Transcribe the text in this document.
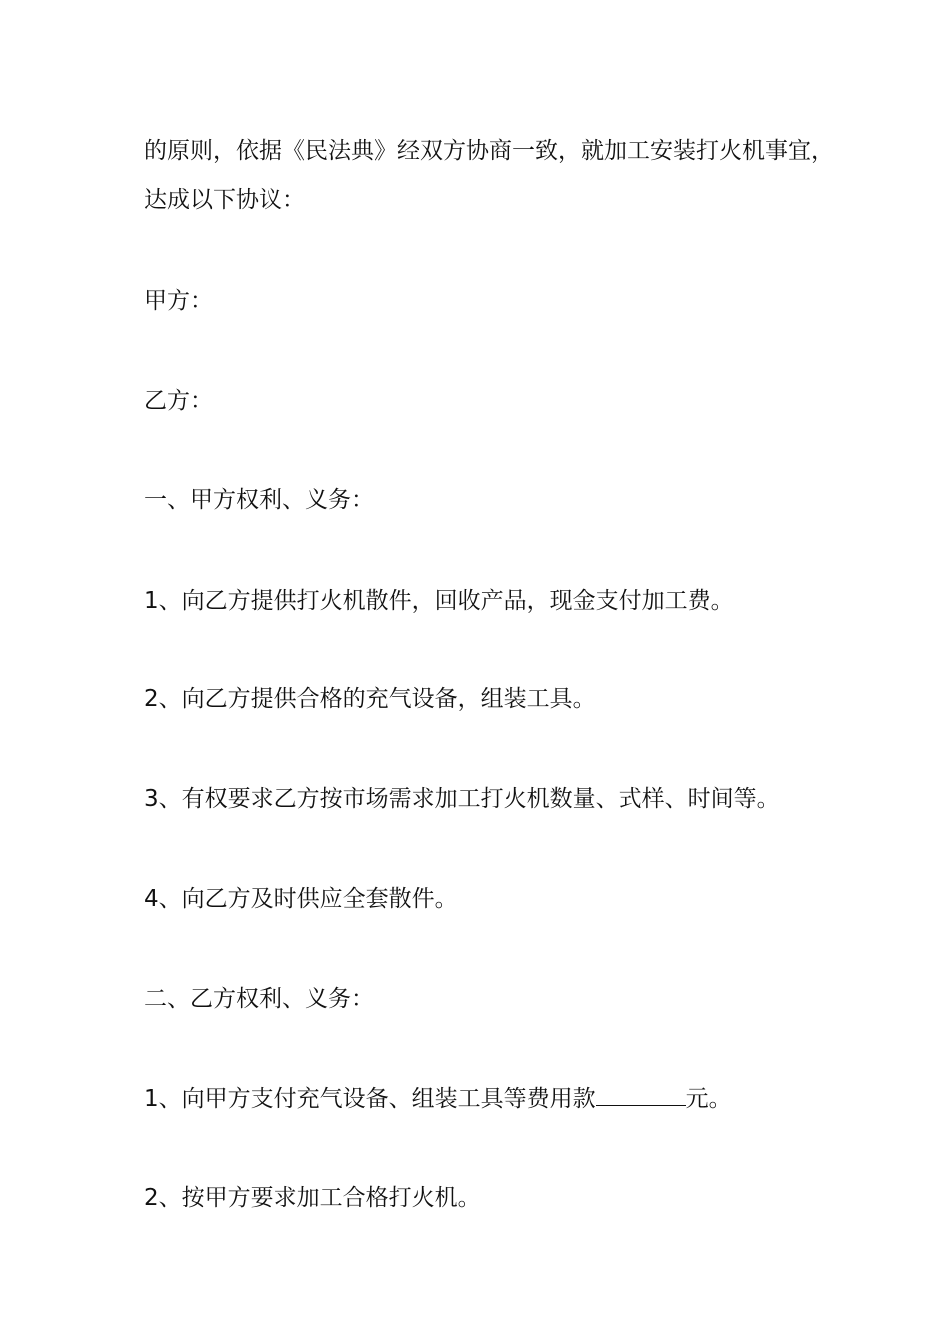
的原则，依据《民法典》经双方协商一致，就加工安装打火机事宜，
达成以下协议：
甲方：
乙方：
一、甲方权利、义务：
1、向乙方提供打火机散件，回收产品，现金支付加工费。
2、向乙方提供合格的充气设备，组装工具。
3、有权要求乙方按市场需求加工打火机数量、式样、时间等。
4、向乙方及时供应全套散件。
二、乙方权利、义务：
1、向甲方支付充气设备、组装工具等费用款	元。
2、按甲方要求加工合格打火机。
